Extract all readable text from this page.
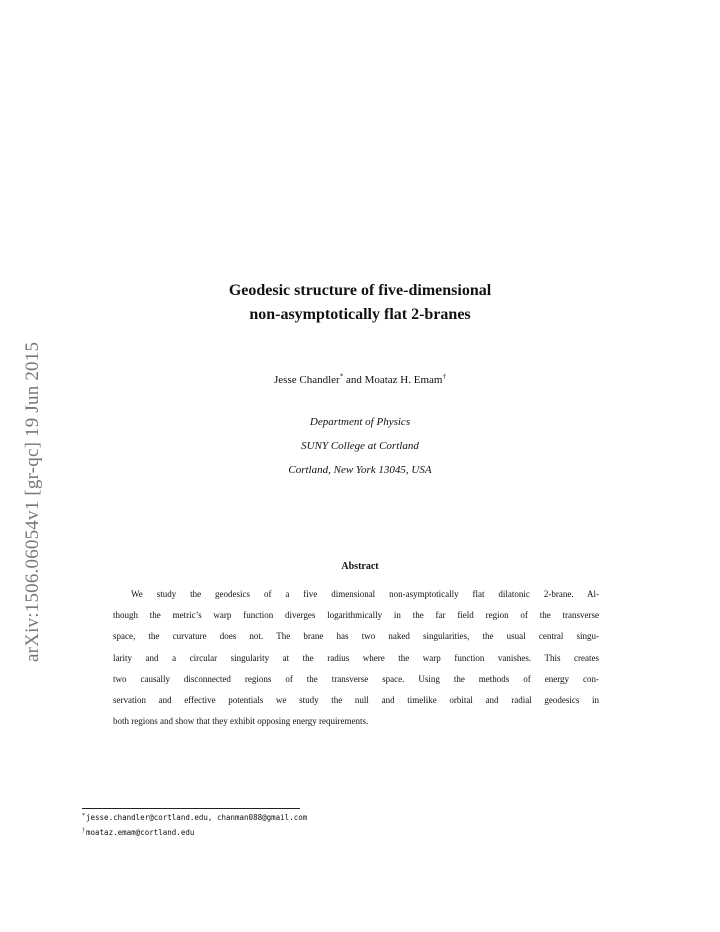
arXiv:1506.06054v1 [gr-qc] 19 Jun 2015
Geodesic structure of five-dimensional
non-asymptotically flat 2-branes
Jesse Chandler* and Moataz H. Emam†
Department of Physics
SUNY College at Cortland
Cortland, New York 13045, USA
Abstract
We study the geodesics of a five dimensional non-asymptotically flat dilatonic 2-brane. Al-
though the metric’s warp function diverges logarithmically in the far field region of the transverse
space, the curvature does not. The brane has two naked singularities, the usual central singu-
larity and a circular singularity at the radius where the warp function vanishes. This creates
two causally disconnected regions of the transverse space. Using the methods of energy con-
servation and effective potentials we study the null and timelike orbital and radial geodesics in
both regions and show that they exhibit opposing energy requirements.
*jesse.chandler@cortland.edu, chanman088@gmail.com
†moataz.emam@cortland.edu
